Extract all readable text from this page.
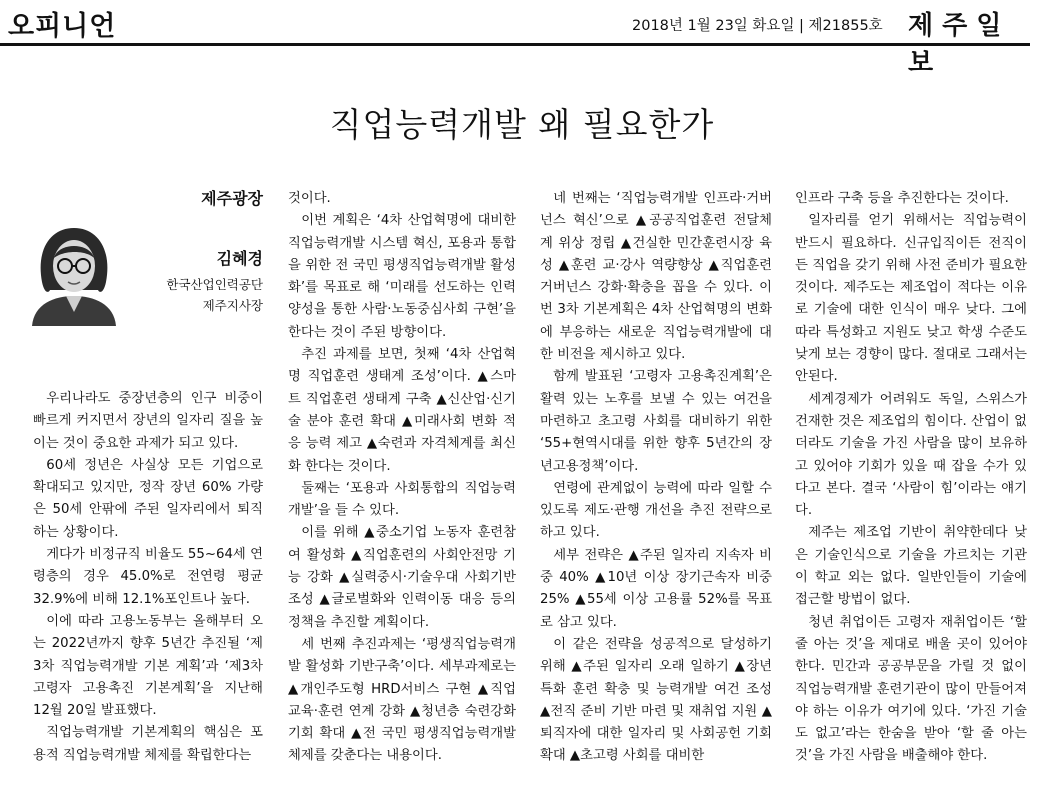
오피니언	2018년 1월 23일 화요일 | 제21855호 제주일보
직업능력개발 왜 필요한가
제주광장
김혜경
한국산업인력공단
제주지사장

우리나라도 중장년층의 인구 비중이 빠르게 커지면서 장년의 일자리 질을 높이는 것이 중요한 과제가 되고 있다.

60세 정년은 사실상 모든 기업으로 확대되고 있지만, 정작 장년 60% 가량은 50세 안팎에 주된 일자리에서 퇴직하는 상황이다.

게다가 비정규직 비율도 55~64세 연령층의 경우 45.0%로 전연령 평균 32.9%에 비해 12.1%포인트나 높다.

이에 따라 고용노동부는 올해부터 오는 2022년까지 향후 5년간 추진될 ‘제3차 직업능력개발 기본 계획’과 ‘제3차 고령자 고용촉진 기본계획’을 지난해 12월 20일 발표했다.

직업능력개발 기본계획의 핵심은 포용적 직업능력개발 체제를 확립한다는

것이다.

이번 계획은 ‘4차 산업혁명에 대비한 직업능력개발 시스템 혁신, 포용과 통합을 위한 전 국민 평생직업능력개발 활성화’를 목표로 해 ‘미래를 선도하는 인력양성을 통한 사람·노동중심사회 구현’을 한다는 것이 주된 방향이다.

추진 과제를 보면, 첫째 ‘4차 산업혁명 직업훈련 생태계 조성’이다. ▲스마트 직업훈련 생태계 구축 ▲신산업·신기술 분야 훈련 확대 ▲미래사회 변화 적응 능력 제고 ▲숙련과 자격체계를 최신화 한다는 것이다.

둘째는 ‘포용과 사회통합의 직업능력개발’을 들 수 있다.

이를 위해 ▲중소기업 노동자 훈련참여 활성화 ▲직업훈련의 사회안전망 기능 강화 ▲실력중시·기술우대 사회기반 조성 ▲글로벌화와 인력이동 대응 등의 정책을 추진할 계획이다.

세 번째 추진과제는 ‘평생직업능력개발 활성화 기반구축’이다. 세부과제로는 ▲개인주도형 HRD서비스 구현 ▲직업교육·훈련 연계 강화 ▲청년층 숙련강화 기회 확대 ▲전 국민 평생직업능력개발 체제를 갖춘다는 내용이다.

네 번째는 ‘직업능력개발 인프라·거버넌스 혁신’으로 ▲공공직업훈련 전달체계 위상 정립 ▲건실한 민간훈련시장 육성 ▲훈련 교·강사 역량향상 ▲직업훈련 거버넌스 강화·확충을 꼽을 수 있다. 이번 3차 기본계획은 4차 산업혁명의 변화에 부응하는 새로운 직업능력개발에 대한 비전을 제시하고 있다.

함께 발표된 ‘고령자 고용촉진계획’은 활력 있는 노후를 보낼 수 있는 여건을 마련하고 초고령 사회를 대비하기 위한 ‘55+현역시대를 위한 향후 5년간의 장년고용정책’이다.

연령에 관계없이 능력에 따라 일할 수 있도록 제도·관행 개선을 추진 전략으로 하고 있다.

세부 전략은 ▲주된 일자리 지속자 비중 40% ▲10년 이상 장기근속자 비중 25% ▲55세 이상 고용률 52%를 목표로 삼고 있다.

이 같은 전략을 성공적으로 달성하기 위해 ▲주된 일자리 오래 일하기 ▲장년특화 훈련 확충 및 능력개발 여건 조성 ▲전직 준비 기반 마련 및 재취업 지원 ▲퇴직자에 대한 일자리 및 사회공헌 기회 확대 ▲초고령 사회를 대비한

인프라 구축 등을 추진한다는 것이다.

일자리를 얻기 위해서는 직업능력이 반드시 필요하다. 신규입직이든 전직이든 직업을 갖기 위해 사전 준비가 필요한 것이다. 제주도는 제조업이 적다는 이유로 기술에 대한 인식이 매우 낮다. 그에 따라 특성화고 지원도 낮고 학생 수준도 낮게 보는 경향이 많다. 절대로 그래서는 안된다.

세계경제가 어려워도 독일, 스위스가 건재한 것은 제조업의 힘이다. 산업이 없더라도 기술을 가진 사람을 많이 보유하고 있어야 기회가 있을 때 잡을 수가 있다고 본다. 결국 ‘사람이 힘’이라는 얘기다.

제주는 제조업 기반이 취약한데다 낮은 기술인식으로 기술을 가르치는 기관이 학교 외는 없다. 일반인들이 기술에 접근할 방법이 없다.

청년 취업이든 고령자 재취업이든 ‘할 줄 아는 것’을 제대로 배울 곳이 있어야 한다. 민간과 공공부문을 가릴 것 없이 직업능력개발 훈련기관이 많이 만들어져야 하는 이유가 여기에 있다. ‘가진 기술도 없고’라는 한숨을 받아 ‘할 줄 아는 것’을 가진 사람을 배출해야 한다.
